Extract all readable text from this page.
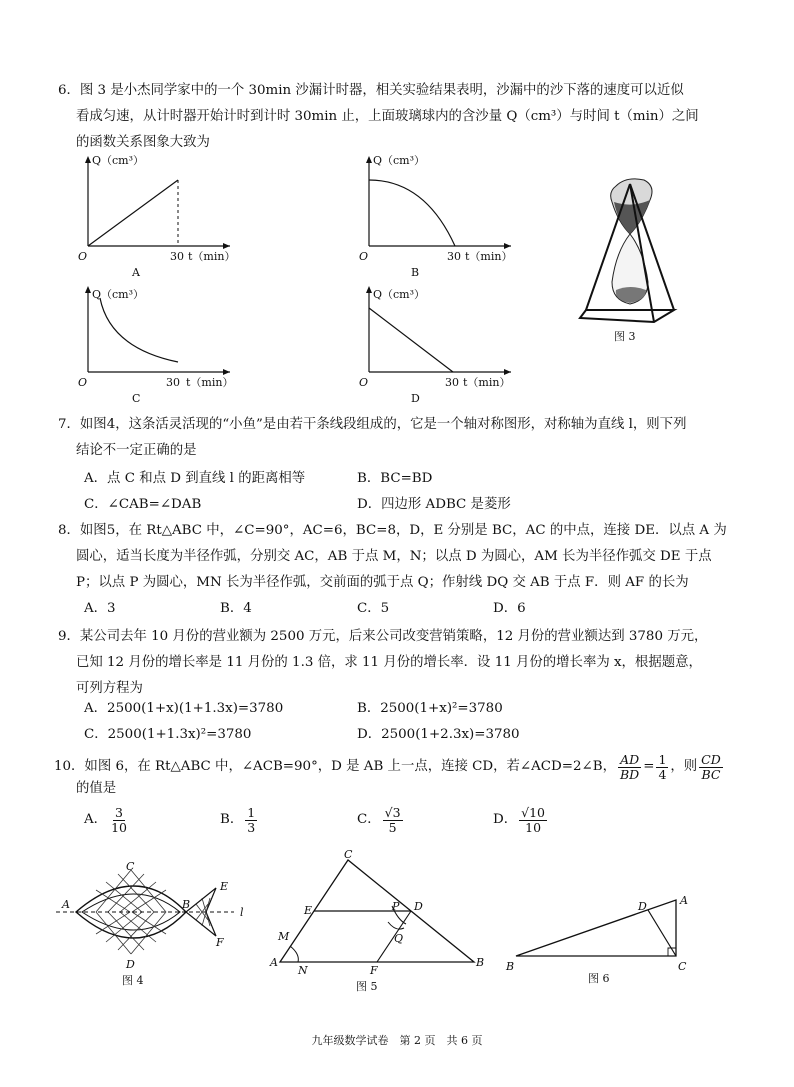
6．图 3 是小杰同学家中的一个 30min 沙漏计时器，相关实验结果表明，沙漏中的沙下落的速度可以近似
看成匀速，从计时器开始计时到计时 30min 止，上面玻璃球内的含沙量 Q（cm³）与时间 t（min）之间
的函数关系图象大致为
Q（cm³）
O	30 t（min）
A
Q（cm³）
O	30 t（min）
B
Q（cm³）
O	30 t（min）
C
Q（cm³）
O	30 t（min）
D
图 3
7．如图4，这条活灵活现的“小鱼”是由若干条线段组成的，它是一个轴对称图形，对称轴为直线 l，则下列
结论不一定正确的是
A．点 C 和点 D 到直线 l 的距离相等	B．BC=BD
C．∠CAB=∠DAB	D．四边形 ADBC 是菱形
8．如图5，在 Rt△ABC 中，∠C=90°，AC=6，BC=8，D，E 分别是 BC，AC 的中点，连接 DE．以点 A 为
圆心，适当长度为半径作弧，分别交 AC，AB 于点 M，N；以点 D 为圆心，AM 长为半径作弧交 DE 于点
P；以点 P 为圆心，MN 长为半径作弧，交前面的弧于点 Q；作射线 DQ 交 AB 于点 F．则 AF 的长为
A．3	B．4	C．5	D．6
9．某公司去年 10 月份的营业额为 2500 万元，后来公司改变营销策略，12 月份的营业额达到 3780 万元，
已知 12 月份的增长率是 11 月份的 1.3 倍，求 11 月份的增长率．设 11 月份的增长率为 x，根据题意，
可列方程为
A．2500(1+x)(1+1.3x)=3780	B．2500(1+x)²=3780
C．2500(1+1.3x)²=3780	D．2500(1+2.3x)=3780
10．如图 6，在 Rt△ABC 中，∠ACB=90°，D 是 AB 上一点，连接 CD，若∠ACD=2∠B， $\frac{AD}{BD} = \frac{1}{4}$ ，则 $\frac{CD}{BC}$
的值是
A． $\frac{3}{10}$	B． $\frac{1}{3}$	C． $\frac{√3}{5}$	D． $\frac{√10}{10}$
A	B
C
D
E
F
l
图 4
C
A	B
E	D
M
N
P
Q
F
图 5
B	C
A
D
图 6
九年级数学试卷　第 2 页　共 6 页
